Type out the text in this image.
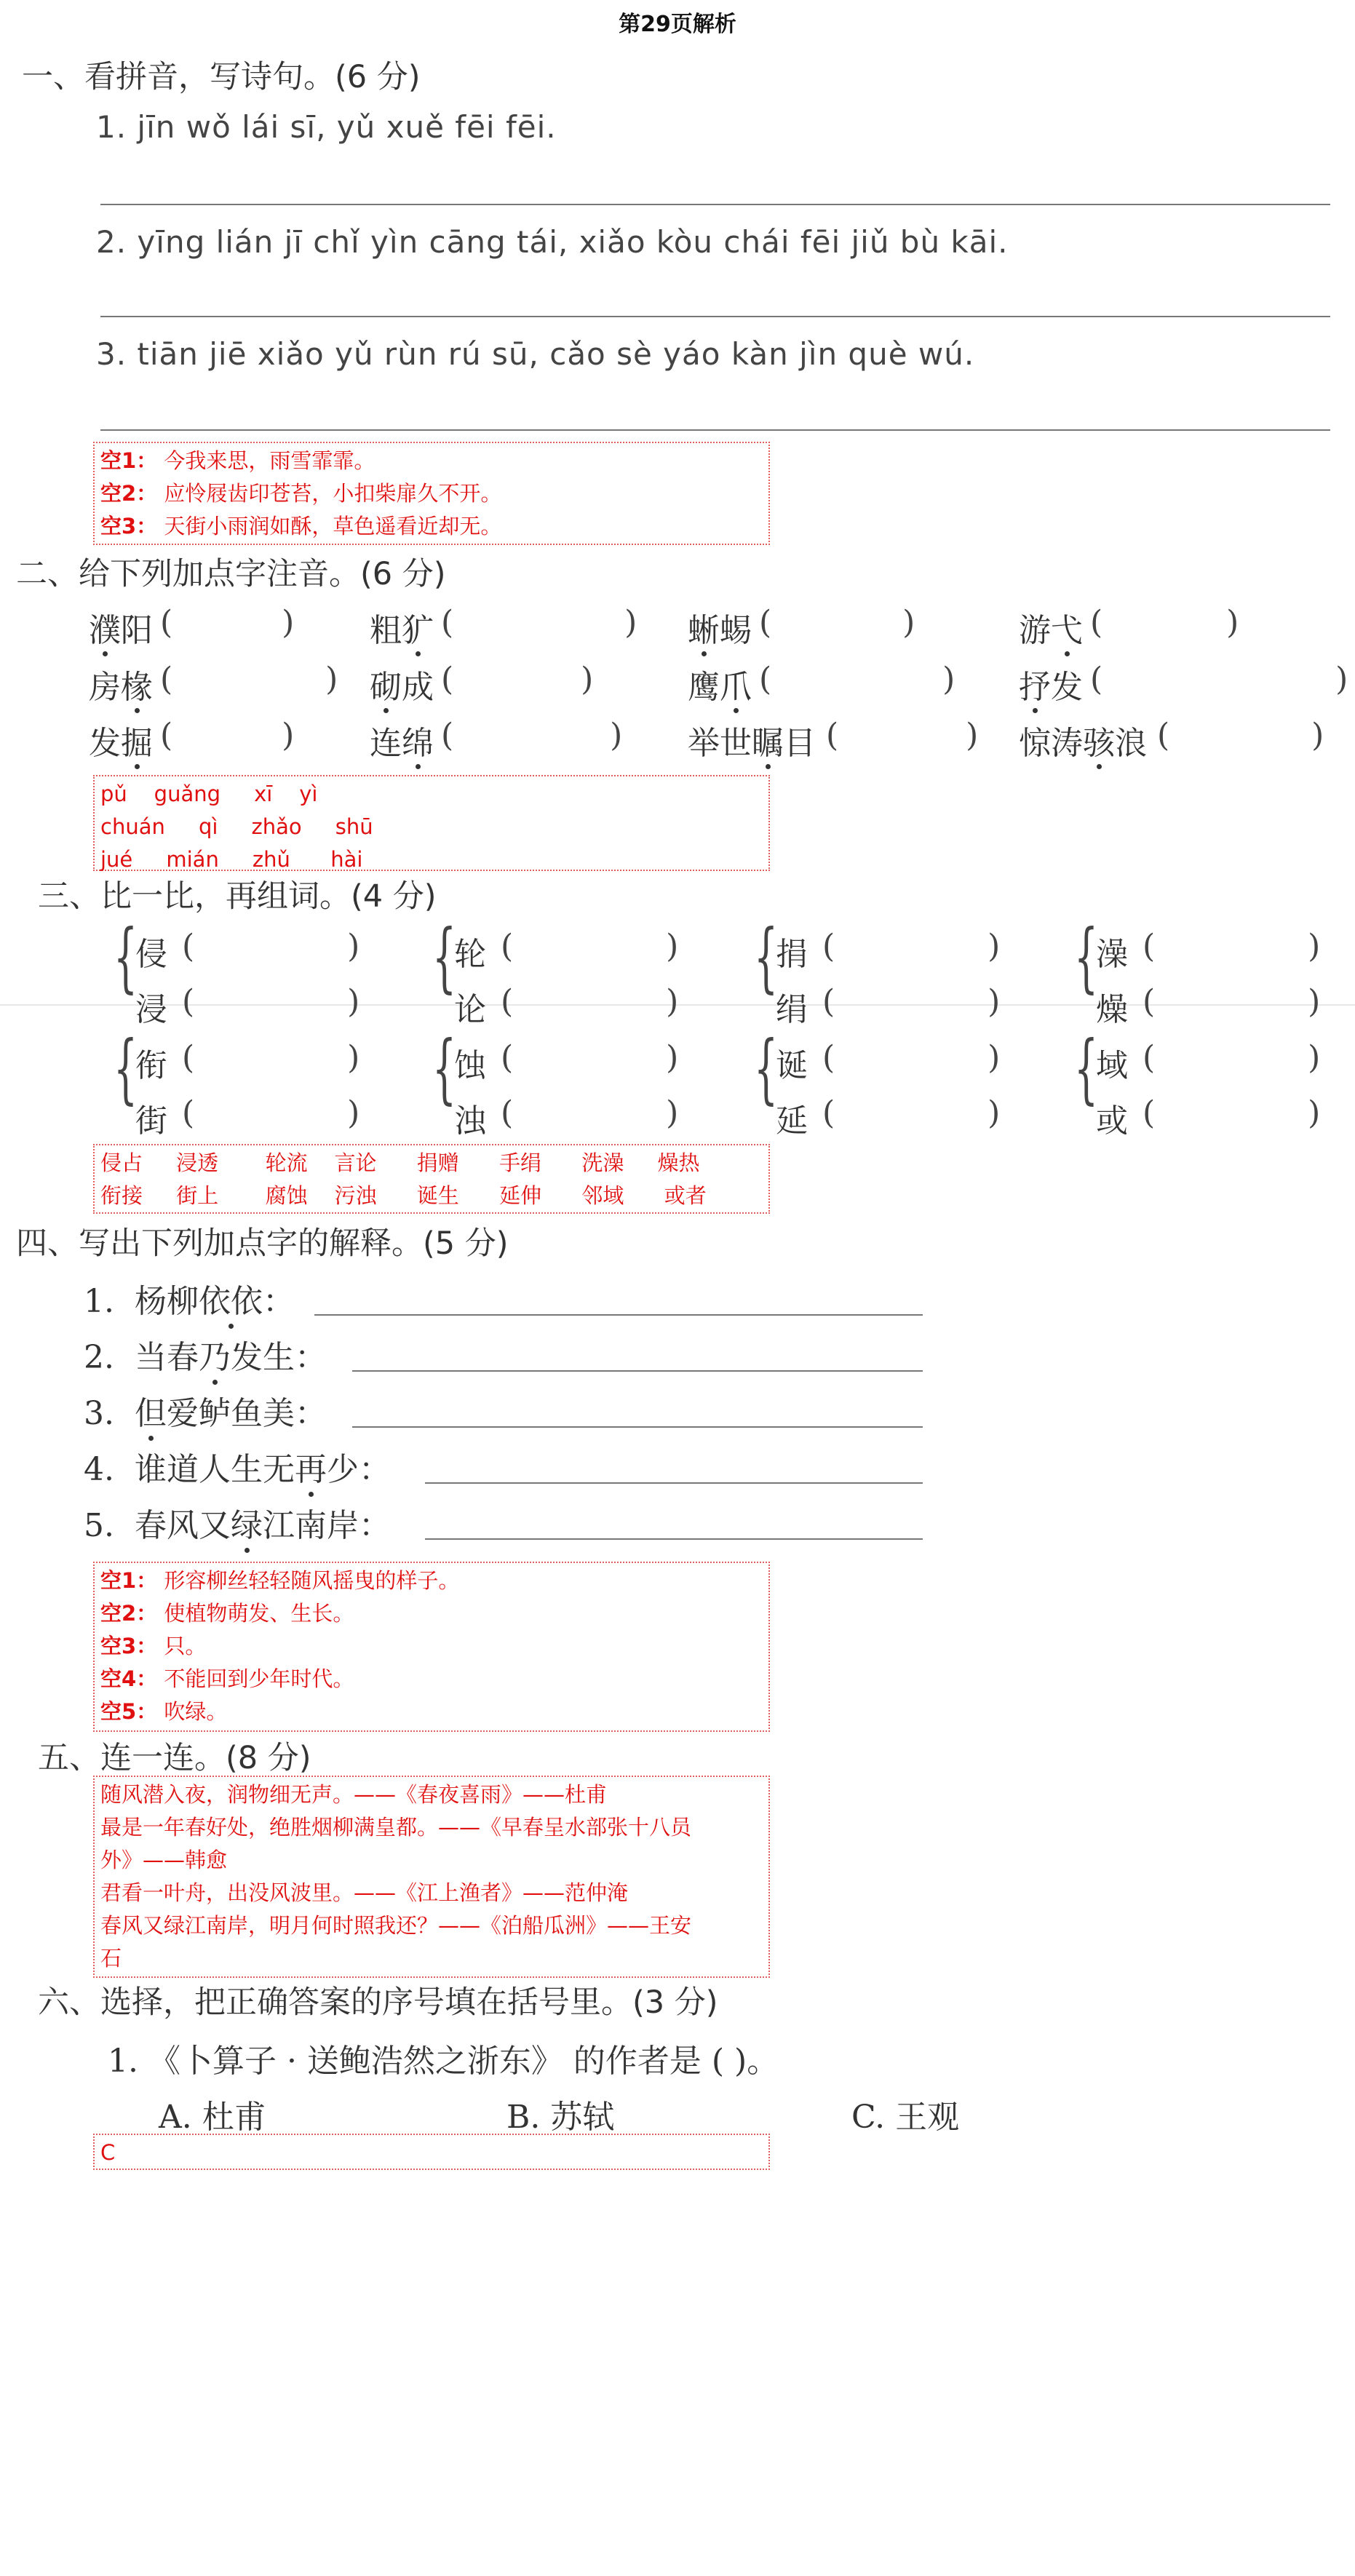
第29页解析
一、看拼音，写诗句。(6 分)
1. jīn wǒ lái sī, yǔ xuě fēi fēi.
2. yīng lián jī chǐ yìn cāng tái, xiǎo kòu chái fēi jiǔ bù kāi.
3. tiān jiē xiǎo yǔ rùn rú sū, cǎo sè yáo kàn jìn què wú.
空1： 今我来思，雨雪霏霏。
空2： 应怜屐齿印苍苔，小扣柴扉久不开。
空3： 天街小雨润如酥，草色遥看近却无。
二、给下列加点字注音。(6 分)
濮阳 (	) 粗犷 (	) 蜥蜴 (	)	游弋 (	)
房椽 (	) 砌成 (	)	鹰爪 (	) 抒发 (	)
发掘 (	) 连绵 (	) 举世瞩目 (	) 惊涛骇浪 (	)
pǔ    guǎng     xī    yì
chuán     qì     zhǎo     shū
jué     mián     zhǔ      hài
三、比一比，再组词。(4 分)
{
侵 (	)
浸 (	)
{
轮 (	)
论 (	)
{
捐 (	)
绢 (	)
{
澡 (	)
燥 (	)
{
衔 (	)
街 (	)
{
蚀 (	)
浊 (	)
{
诞 (	)
延 (	)
{
域 (	)
或 (	)
侵占     浸透       轮流    言论      捐赠      手绢      洗澡     燥热
衔接     街上       腐蚀    污浊      诞生      延伸      邻域      或者
四、写出下列加点字的解释。(5 分)
1.  杨柳依依：
2.  当春乃发生：
3.  但爱鲈鱼美：
4.  谁道人生无再少：
5.  春风又绿江南岸：
空1： 形容柳丝轻轻随风摇曳的样子。
空2： 使植物萌发、生长。
空3： 只。
空4： 不能回到少年时代。
空5： 吹绿。
五、连一连。(8 分)
随风潜入夜，润物细无声。——《春夜喜雨》——杜甫
最是一年春好处，绝胜烟柳满皇都。——《早春呈水部张十八员
外》——韩愈
君看一叶舟，出没风波里。——《江上渔者》——范仲淹
春风又绿江南岸，明月何时照我还？——《泊船瓜洲》——王安
石
六、选择，把正确答案的序号填在括号里。(3 分)
1. 《卜算子 · 送鲍浩然之浙东》 的作者是 ( )。
A. 杜甫	B. 苏轼	C. 王观
C
